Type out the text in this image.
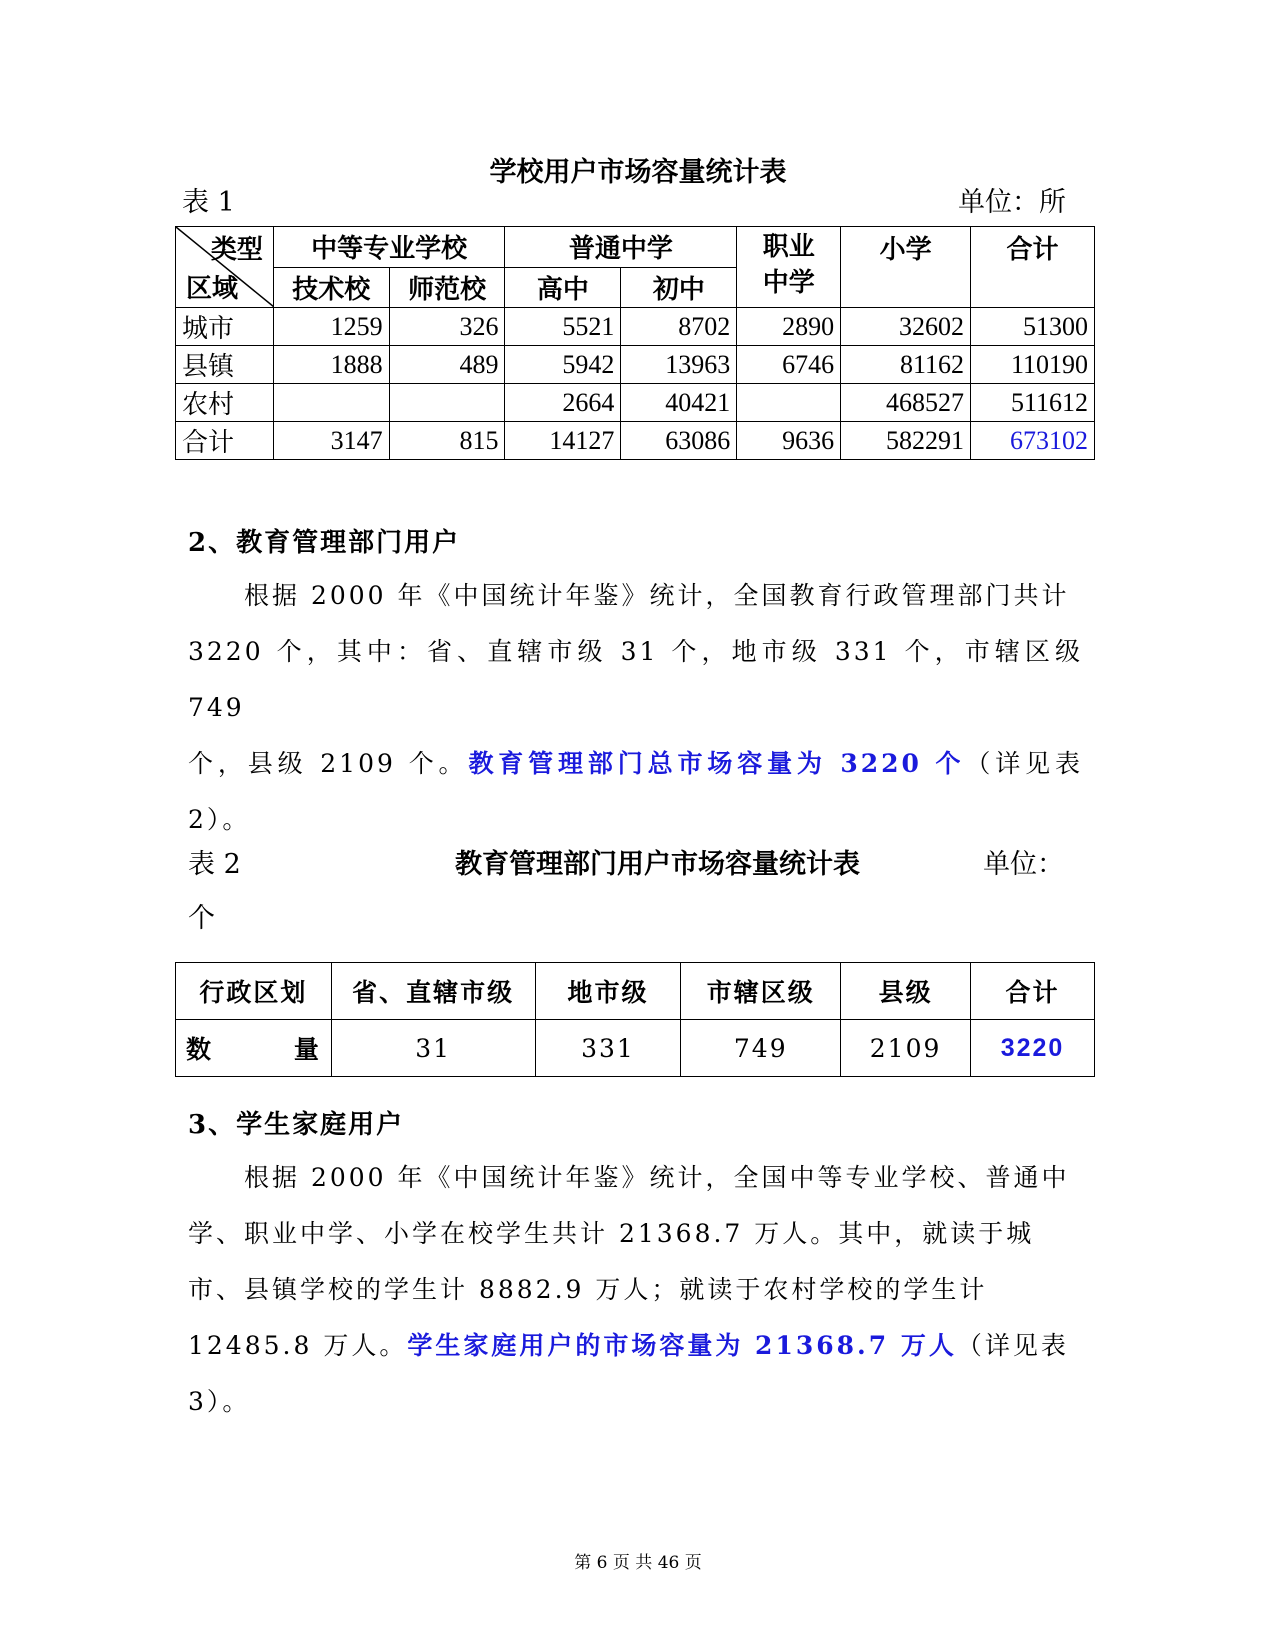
学校用户市场容量统计表
表 1	单位：所
类型
区域	中等专业学校		普通中学		职业中学	小学	合计
	技术校	师范校	高中	初中			
城市	1259	326	5521	8702	2890	32602	51300
县镇	1888	489	5942	13963	6746	81162	110190
农村			2664	40421		468527	511612
合计	3147	815	14127	63086	9636	582291	673102
2、教育管理部门用户
根据 2000 年《中国统计年鉴》统计，全国教育行政管理部门共计
3220 个，其中：省、直辖市级 31 个，地市级 331 个，市辖区级 749
个，县级 2109 个。教育管理部门总市场容量为 3220 个（详见表 2）。
表 2	教育管理部门用户市场容量统计表	单位：
个
行政区划	省、直辖市级	地市级	市辖区级	县级	合计

数 量	31	331	749	2109	3220
3、学生家庭用户
根据 2000 年《中国统计年鉴》统计，全国中等专业学校、普通中
学、职业中学、小学在校学生共计 21368.7 万人。其中，就读于城
市、县镇学校的学生计 8882.9 万人；就读于农村学校的学生计
12485.8 万人。学生家庭用户的市场容量为 21368.7 万人（详见表
3）。
第 6 页 共 46 页
